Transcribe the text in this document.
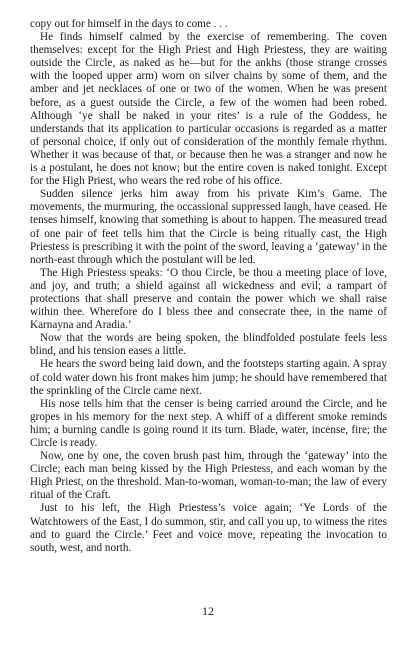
copy out for himself in the days to come . . .

He finds himself calmed by the exercise of remembering. The coven themselves: except for the High Priest and High Priestess, they are waiting outside the Circle, as naked as he—but for the ankhs (those strange crosses with the looped upper arm) worn on silver chains by some of them, and the amber and jet necklaces of one or two of the women. When he was present before, as a guest outside the Circle, a few of the women had been robed. Although ‘ye shall be naked in your rites’ is a rule of the Goddess, he understands that its application to particular occasions is regarded as a matter of personal choice, if only out of consideration of the monthly female rhythm. Whether it was because of that, or because then he was a stranger and now he is a postulant, he does not know; but the entire coven is naked tonight. Except for the High Priest, who wears the red robe of his office.

Sudden silence jerks him away from his private Kim’s Game. The movements, the murmuring, the occassional suppressed laugh, have ceased. He tenses himself, knowing that something is about to happen. The measured tread of one pair of feet tells him that the Circle is being ritually cast, the High Priestess is prescribing it with the point of the sword, leaving a ‘gateway’ in the north-east through which the postulant will be led.

The High Priestess speaks: ‘O thou Circle, be thou a meeting place of love, and joy, and truth; a shield against all wickedness and evil; a rampart of protections that shall preserve and contain the power which we shall raise within thee. Wherefore do I bless thee and consecrate thee, in the name of Karnayna and Aradia.’

Now that the words are being spoken, the blindfolded postulate feels less blind, and his tension eases a little.

He hears the sword being laid down, and the footsteps starting again. A spray of cold water down his front makes him jump; he should have remembered that the sprinkling of the Circle came next.

His nose tells him that the censer is being carried around the Circle, and he gropes in his memory for the next step. A whiff of a different smoke reminds him; a burning candle is going round it its turn. Blade, water, incense, fire; the Circle is ready.

Now, one by one, the coven brush past him, through the ‘gateway’ into the Circle; each man being kissed by the High Priestess, and each woman by the High Priest, on the threshold. Man-to-woman, woman-to-man; the law of every ritual of the Craft.

Just to his left, the High Priestess’s voice again; ‘Ye Lords of the Watchtowers of the East, I do summon, stir, and call you up, to witness the rites and to guard the Circle.’ Feet and voice move, repeating the invocation to south, west, and north.

12
